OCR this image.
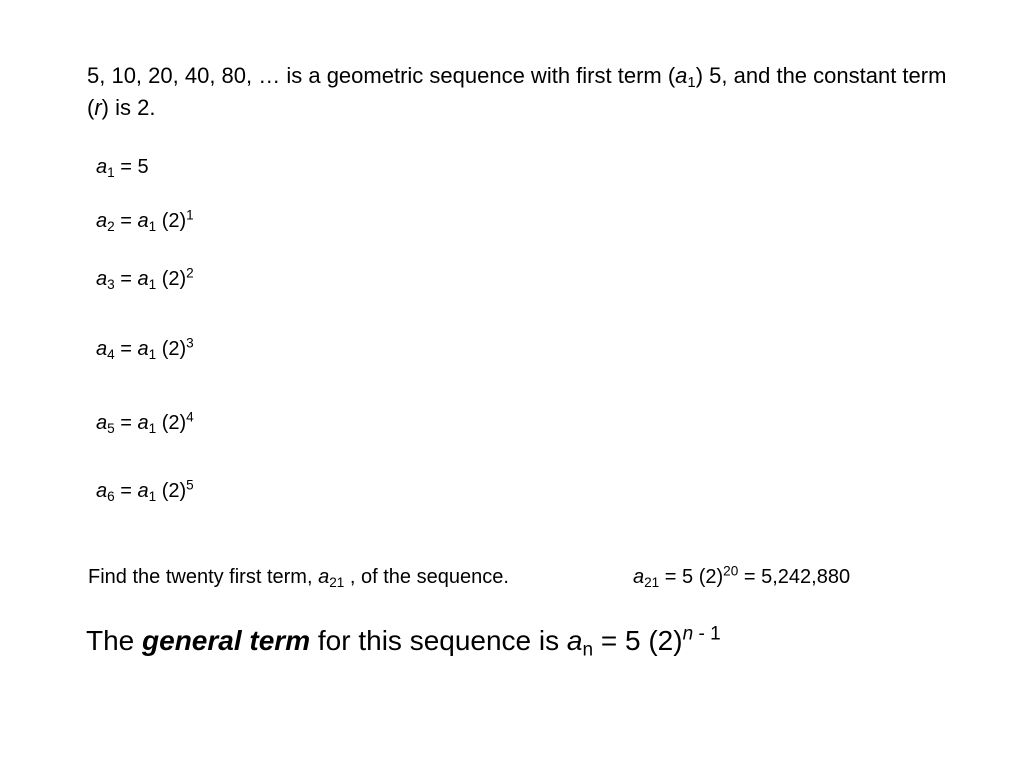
5, 10, 20, 40, 80, … is a geometric sequence with first term $(a_1)$ 5, and the constant term (r) is 2.
$a_1 = 5$
$a_2 = a_1$ $(2)^1$
$a_3 = a_1$ $(2)^2$
$a_4 = a_1$ $(2)^3$
$a_5 = a_1$ $(2)^4$
$a_6 = a_1$ $(2)^5$
Find the twenty first term, $a_{21}$ , of the sequence.	$a_{21} = 5$ $(2)^{20} = 5,242,880$
The general term for this sequence is $a_n = 5$ $(2)^{n - 1}$
